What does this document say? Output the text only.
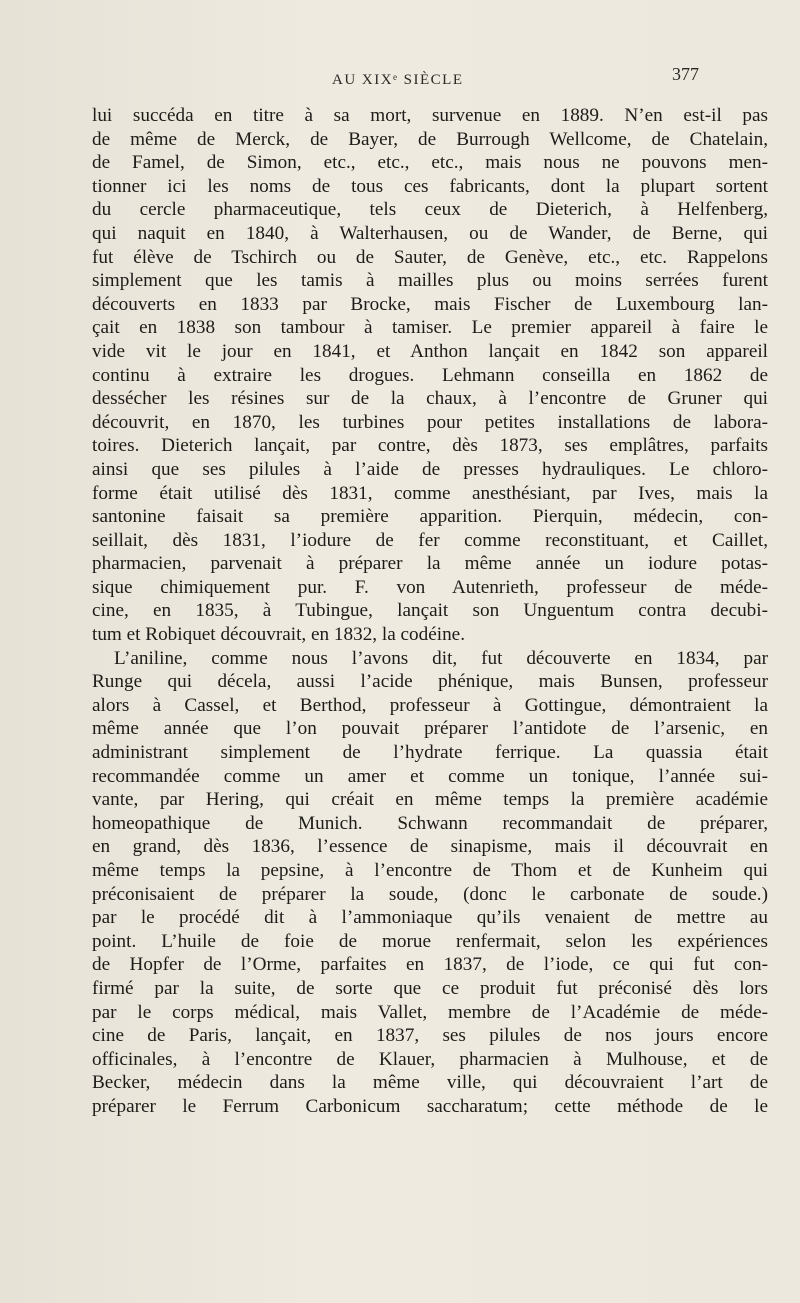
AU XIXᵉ SIÈCLE	377
lui succéda en titre à sa mort, survenue en 1889. N’en est-il pas
de même de Merck, de Bayer, de Burrough Wellcome, de Chatelain,
de Famel, de Simon, etc., etc., etc., mais nous ne pouvons men-
tionner ici les noms de tous ces fabricants, dont la plupart sortent
du cercle pharmaceutique, tels ceux de Dieterich, à Helfenberg,
qui naquit en 1840, à Walterhausen, ou de Wander, de Berne, qui
fut élève de Tschirch ou de Sauter, de Genève, etc., etc. Rappelons
simplement que les tamis à mailles plus ou moins serrées furent
découverts en 1833 par Brocke, mais Fischer de Luxembourg lan-
çait en 1838 son tambour à tamiser. Le premier appareil à faire le
vide vit le jour en 1841, et Anthon lançait en 1842 son appareil
continu à extraire les drogues. Lehmann conseilla en 1862 de
dessécher les résines sur de la chaux, à l’encontre de Gruner qui
découvrit, en 1870, les turbines pour petites installations de labora-
toires. Dieterich lançait, par contre, dès 1873, ses emplâtres, parfaits
ainsi que ses pilules à l’aide de presses hydrauliques. Le chloro-
forme était utilisé dès 1831, comme anesthésiant, par Ives, mais la
santonine faisait sa première apparition. Pierquin, médecin, con-
seillait, dès 1831, l’iodure de fer comme reconstituant, et Caillet,
pharmacien, parvenait à préparer la même année un iodure potas-
sique chimiquement pur. F. von Autenrieth, professeur de méde-
cine, en 1835, à Tubingue, lançait son Unguentum contra decubi-
tum et Robiquet découvrait, en 1832, la codéine.
L’aniline, comme nous l’avons dit, fut découverte en 1834, par
Runge qui décela, aussi l’acide phénique, mais Bunsen, professeur
alors à Cassel, et Berthod, professeur à Gottingue, démontraient la
même année que l’on pouvait préparer l’antidote de l’arsenic, en
administrant simplement de l’hydrate ferrique. La quassia était
recommandée comme un amer et comme un tonique, l’année sui-
vante, par Hering, qui créait en même temps la première académie
homeopathique de Munich. Schwann recommandait de préparer,
en grand, dès 1836, l’essence de sinapisme, mais il découvrait en
même temps la pepsine, à l’encontre de Thom et de Kunheim qui
préconisaient de préparer la soude, (donc le carbonate de soude.)
par le procédé dit à l’ammoniaque qu’ils venaient de mettre au
point. L’huile de foie de morue renfermait, selon les expériences
de Hopfer de l’Orme, parfaites en 1837, de l’iode, ce qui fut con-
firmé par la suite, de sorte que ce produit fut préconisé dès lors
par le corps médical, mais Vallet, membre de l’Académie de méde-
cine de Paris, lançait, en 1837, ses pilules de nos jours encore
officinales, à l’encontre de Klauer, pharmacien à Mulhouse, et de
Becker, médecin dans la même ville, qui découvraient l’art de
préparer le Ferrum Carbonicum saccharatum; cette méthode de le
